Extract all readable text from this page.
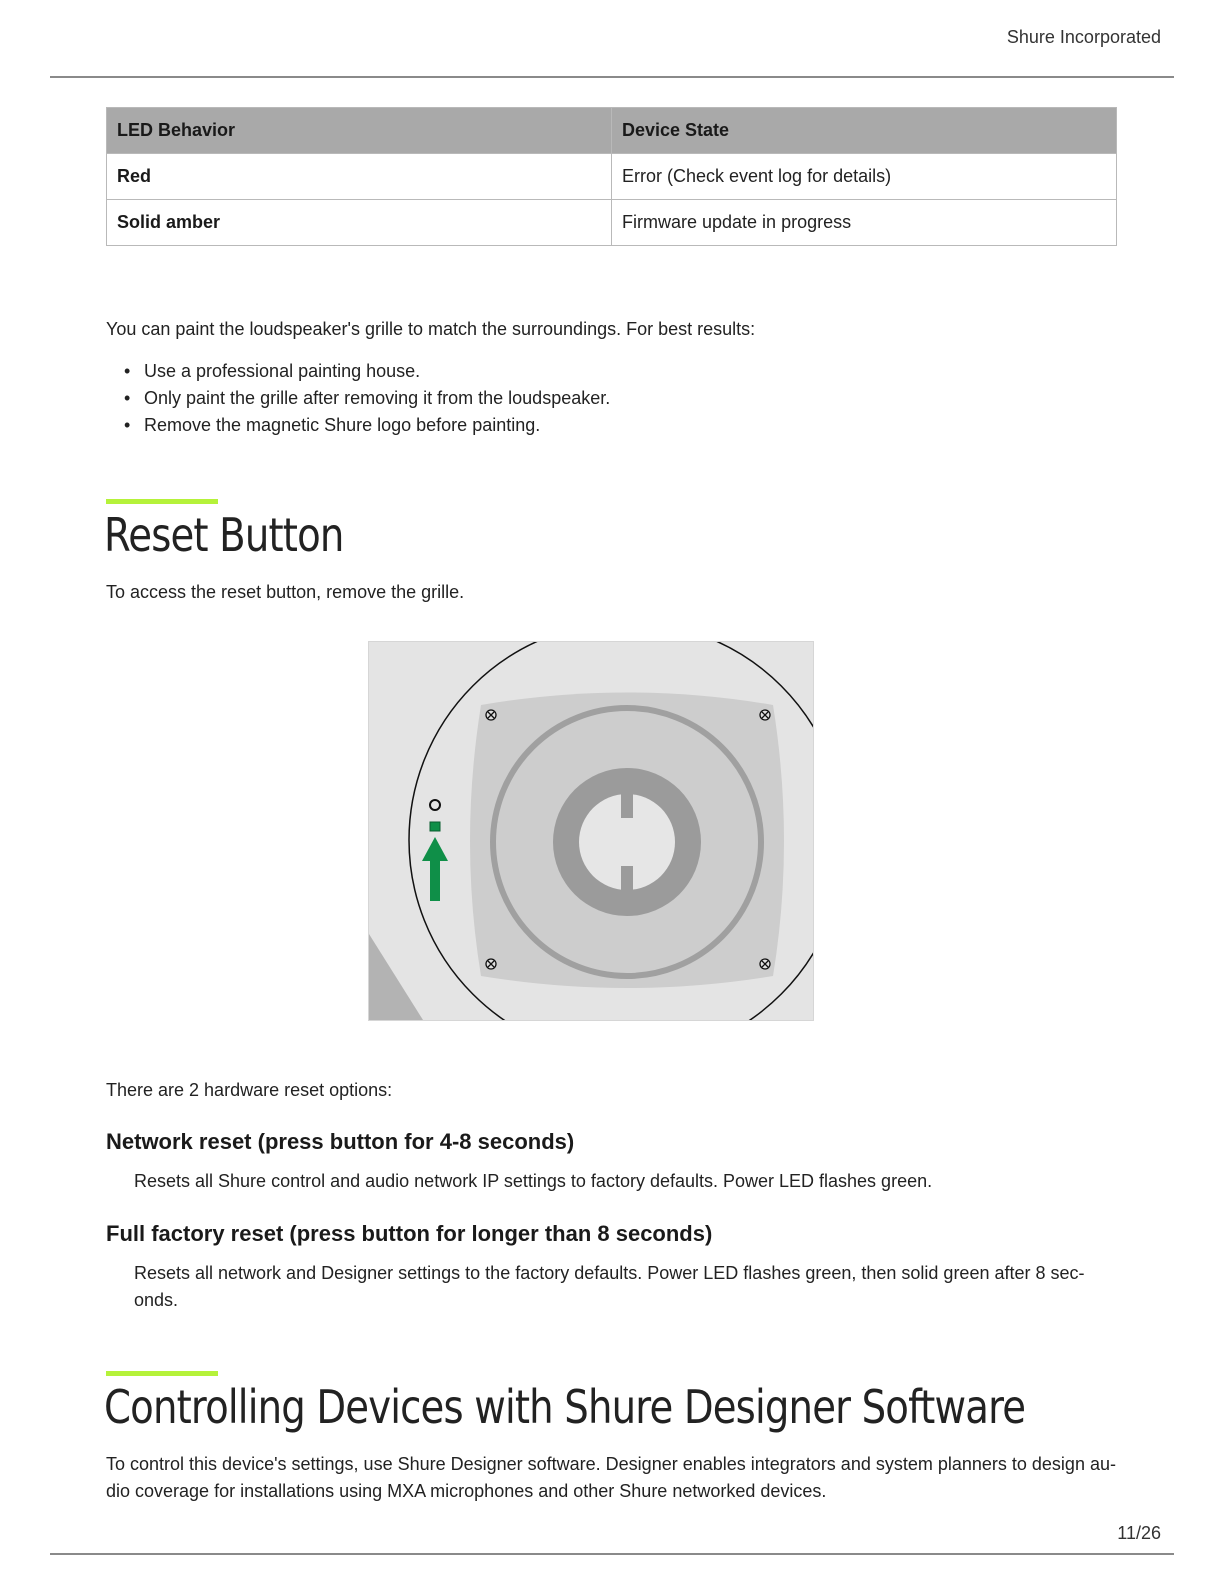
Shure Incorporated
LED Behavior	Device State
Red	Error (Check event log for details)
Solid amber	Firmware update in progress
You can paint the loudspeaker's grille to match the surroundings. For best results:
• Use a professional painting house.
• Only paint the grille after removing it from the loudspeaker.
• Remove the magnetic Shure logo before painting.
Reset Button
To access the reset button, remove the grille.
There are 2 hardware reset options:
Network reset (press button for 4-8 seconds)
Resets all Shure control and audio network IP settings to factory defaults. Power LED flashes green.
Full factory reset (press button for longer than 8 seconds)
Resets all network and Designer settings to the factory defaults. Power LED flashes green, then solid green after 8 sec-onds.
Controlling Devices with Shure Designer Software
To control this device's settings, use Shure Designer software. Designer enables integrators and system planners to design au-dio coverage for installations using MXA microphones and other Shure networked devices.
11/26
